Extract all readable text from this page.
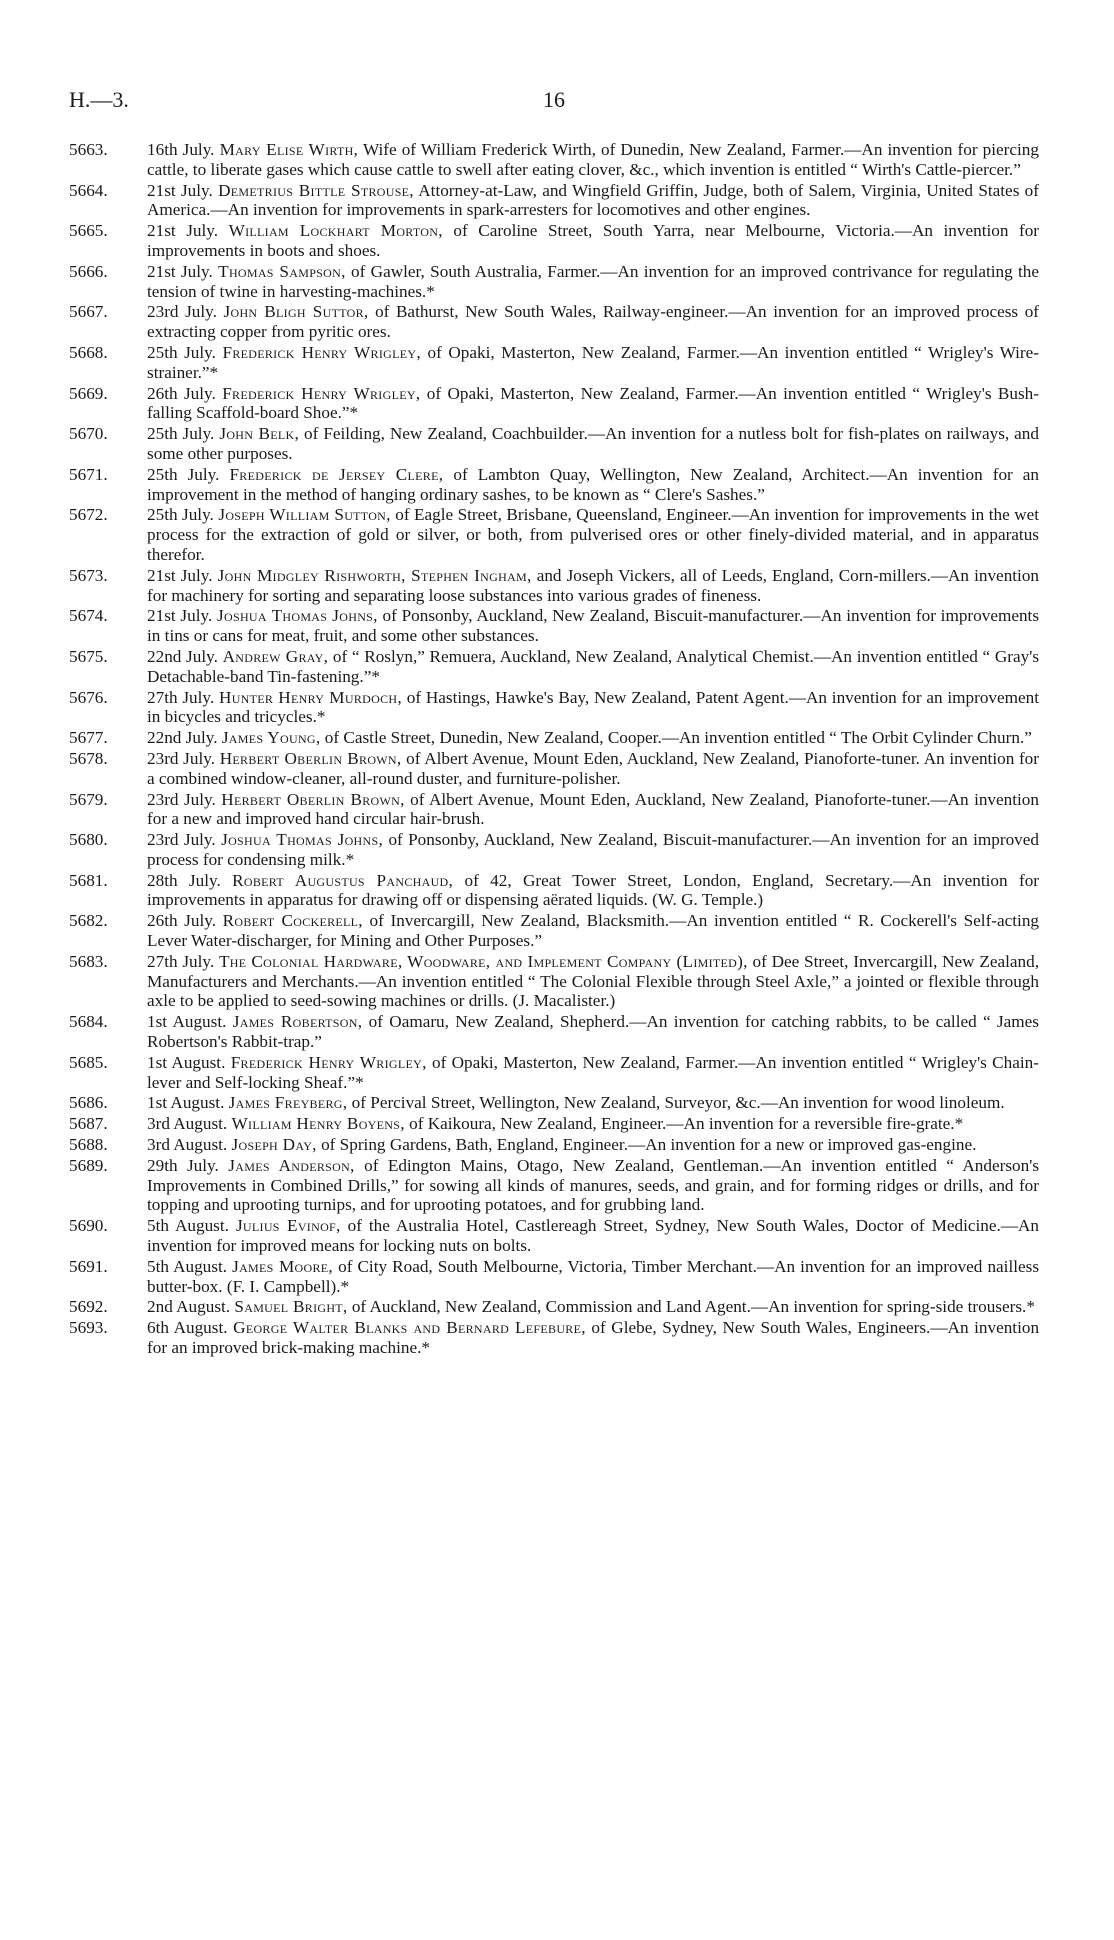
H.—3.	16
5663.	16th July. Mary Elise Wirth, Wife of William Frederick Wirth, of Dunedin, New Zealand, Farmer.—An invention for piercing cattle, to liberate gases which cause cattle to swell after eating clover, &c., which invention is entitled “ Wirth's Cattle-piercer.”
5664.	21st July. Demetrius Bittle Strouse, Attorney-at-Law, and Wingfield Griffin, Judge, both of Salem, Virginia, United States of America.—An invention for improvements in spark-arresters for locomotives and other engines.
5665.	21st July. William Lockhart Morton, of Caroline Street, South Yarra, near Melbourne, Victoria.—An invention for improvements in boots and shoes.
5666.	21st July. Thomas Sampson, of Gawler, South Australia, Farmer.—An invention for an improved contrivance for regulating the tension of twine in harvesting-machines.*
5667.	23rd July. John Bligh Suttor, of Bathurst, New South Wales, Railway-engineer.—An invention for an improved process of extracting copper from pyritic ores.
5668.	25th July. Frederick Henry Wrigley, of Opaki, Masterton, New Zealand, Farmer.—An invention entitled “ Wrigley's Wire-strainer.”*
5669.	26th July. Frederick Henry Wrigley, of Opaki, Masterton, New Zealand, Farmer.—An invention entitled “ Wrigley's Bush-falling Scaffold-board Shoe.”*
5670.	25th July. John Belk, of Feilding, New Zealand, Coachbuilder.—An invention for a nutless bolt for fish-plates on railways, and some other purposes.
5671.	25th July. Frederick de Jersey Clere, of Lambton Quay, Wellington, New Zealand, Architect.—An invention for an improvement in the method of hanging ordinary sashes, to be known as “ Clere's Sashes.”
5672.	25th July. Joseph William Sutton, of Eagle Street, Brisbane, Queensland, Engineer.—An invention for improvements in the wet process for the extraction of gold or silver, or both, from pulverised ores or other finely-divided material, and in apparatus therefor.
5673.	21st July. John Midgley Rishworth, Stephen Ingham, and Joseph Vickers, all of Leeds, England, Corn-millers.—An invention for machinery for sorting and separating loose substances into various grades of fineness.
5674.	21st July. Joshua Thomas Johns, of Ponsonby, Auckland, New Zealand, Biscuit-manufacturer.—An invention for improvements in tins or cans for meat, fruit, and some other substances.
5675.	22nd July. Andrew Gray, of “ Roslyn,” Remuera, Auckland, New Zealand, Analytical Chemist.—An invention entitled “ Gray's Detachable-band Tin-fastening.”*
5676.	27th July. Hunter Henry Murdoch, of Hastings, Hawke's Bay, New Zealand, Patent Agent.—An invention for an improvement in bicycles and tricycles.*
5677.	22nd July. James Young, of Castle Street, Dunedin, New Zealand, Cooper.—An invention entitled “ The Orbit Cylinder Churn.”
5678.	23rd July. Herbert Oberlin Brown, of Albert Avenue, Mount Eden, Auckland, New Zealand, Pianoforte-tuner. An invention for a combined window-cleaner, all-round duster, and furniture-polisher.
5679.	23rd July. Herbert Oberlin Brown, of Albert Avenue, Mount Eden, Auckland, New Zealand, Pianoforte-tuner.—An invention for a new and improved hand circular hair-brush.
5680.	23rd July. Joshua Thomas Johns, of Ponsonby, Auckland, New Zealand, Biscuit-manufacturer.—An invention for an improved process for condensing milk.*
5681.	28th July. Robert Augustus Panchaud, of 42, Great Tower Street, London, England, Secretary.—An invention for improvements in apparatus for drawing off or dispensing aërated liquids. (W. G. Temple.)
5682.	26th July. Robert Cockerell, of Invercargill, New Zealand, Blacksmith.—An invention entitled “ R. Cockerell's Self-acting Lever Water-discharger, for Mining and Other Purposes.”
5683.	27th July. The Colonial Hardware, Woodware, and Implement Company (Limited), of Dee Street, Invercargill, New Zealand, Manufacturers and Merchants.—An invention entitled “ The Colonial Flexible through Steel Axle,” a jointed or flexible through axle to be applied to seed-sowing machines or drills. (J. Macalister.)
5684.	1st August. James Robertson, of Oamaru, New Zealand, Shepherd.—An invention for catching rabbits, to be called “ James Robertson's Rabbit-trap.”
5685.	1st August. Frederick Henry Wrigley, of Opaki, Masterton, New Zealand, Farmer.—An invention entitled “ Wrigley's Chain-lever and Self-locking Sheaf.”*
5686.	1st August. James Freyberg, of Percival Street, Wellington, New Zealand, Surveyor, &c.—An invention for wood linoleum.
5687.	3rd August. William Henry Boyens, of Kaikoura, New Zealand, Engineer.—An invention for a reversible fire-grate.*
5688.	3rd August. Joseph Day, of Spring Gardens, Bath, England, Engineer.—An invention for a new or improved gas-engine.
5689.	29th July. James Anderson, of Edington Mains, Otago, New Zealand, Gentleman.—An invention entitled “ Anderson's Improvements in Combined Drills,” for sowing all kinds of manures, seeds, and grain, and for forming ridges or drills, and for topping and uprooting turnips, and for uprooting potatoes, and for grubbing land.
5690.	5th August. Julius Evinof, of the Australia Hotel, Castlereagh Street, Sydney, New South Wales, Doctor of Medicine.—An invention for improved means for locking nuts on bolts.
5691.	5th August. James Moore, of City Road, South Melbourne, Victoria, Timber Merchant.—An invention for an improved nailless butter-box. (F. I. Campbell).*
5692.	2nd August. Samuel Bright, of Auckland, New Zealand, Commission and Land Agent.—An invention for spring-side trousers.*
5693.	6th August. George Walter Blanks and Bernard Lefebure, of Glebe, Sydney, New South Wales, Engineers.—An invention for an improved brick-making machine.*
